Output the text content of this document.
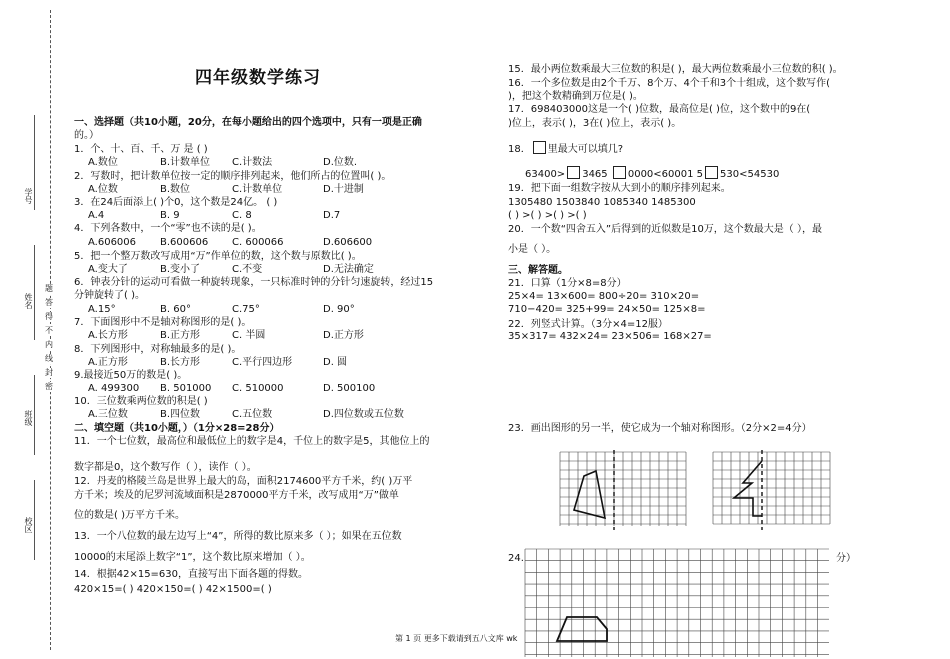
学号
姓名
班级
校区
密
封
线
内
不
得
答
题
四年级数学练习
一、选择题（共10小题，20分，在每小题给出的四个选项中，只有一项是正确
的。）
1．个、十、百、千、万 是 ( )
A.数位	B.计数单位 C.计数法	D.位数.
2．写数时，把计数单位按一定的顺序排列起来，他们所占的位置叫( )。
A.位数	B.数位	C.计数单位	D.十进制
3．在24后面添上( )个0，这个数是24亿。 ( )
A.4	B. 9	C. 8	D.7
4．下列各数中，一个“零”也不读的是( )。
A.606006 B.600606 C. 600066	D.606600
5．把一个整万数改写成用“万”作单位的数，这个数与原数比( )。
A.变大了	B.变小了	C.不变	D.无法确定
6．钟表分针的运动可看做一种旋转现象，一只标准时钟的分针匀速旋转，经过15
分钟旋转了( )。
A.15°	B. 60°	C.75°	D. 90°
7．下面图形中不是轴对称图形的是( )。
A.长方形	B.正方形	C. 半圆	D.正方形
8．下列图形中，对称轴最多的是( )。
A.正方形	B.长方形	C.平行四边形	D. 圆
9.最接近50万的数是( )。
A. 499300 B. 501000 C. 510000	D. 500100
10．三位数乘两位数的积是( )
A.三位数	B.四位数	C.五位数	D.四位数或五位数
二、填空题（共10小题，）（1分×28=28分）
11．一个七位数，最高位和最低位上的数字是4，千位上的数字是5，其他位上的
数字都是0，这个数写作（ ），读作（ ）。
12．丹麦的格陵兰岛是世界上最大的岛，面积2174600平方千米，约( )万平
方千米；埃及的尼罗河流域面积是2870000平方千米，改写成用“万”做单
位的数是( )万平方千米。
13．一个八位数的最左边写上“4”，所得的数比原来多（ ）；如果在五位数
10000的末尾添上数字“1”，这个数比原来增加（ ）。
14．根据42×15=630，直接写出下面各题的得数。
420×15=( ) 420×150=( ) 42×1500=( )
15．最小两位数乘最大三位数的积是( )，最大两位数乘最小三位数的积( )。
16．一个多位数是由2个千万、8个万、4个千和3个十组成，这个数写作(
)，把这个数精确到万位是( )。
17．698403000这是一个( )位数，最高位是( )位，这个数中的9在(
)位上，表示( )，3在( )位上，表示( )。
18． 里最大可以填几?
63400> 3465 0000<60001 5 530<54530
19．把下面一组数字按从大到小的顺序排列起来。
1305480 1503840 1085340 1485300
( ) >( ) >( ) >( )
20．一个数“四舍五入”后得到的近似数是10万，这个数最大是（ ），最
小是（ ）。
三、解答题。
21．口算（1分×8=8分）
25×4= 13×600= 800÷20= 310×20=
710−420= 325+99= 24×50= 125×8=
22．列竖式计算。（3分×4=12服）
35×317= 432×24= 23×506= 168×27=
23．画出图形的另一半，使它成为一个轴对称图形。（2分×2=4分）
24.	分）
第 1 页 更多下载请到五八文库 wk
